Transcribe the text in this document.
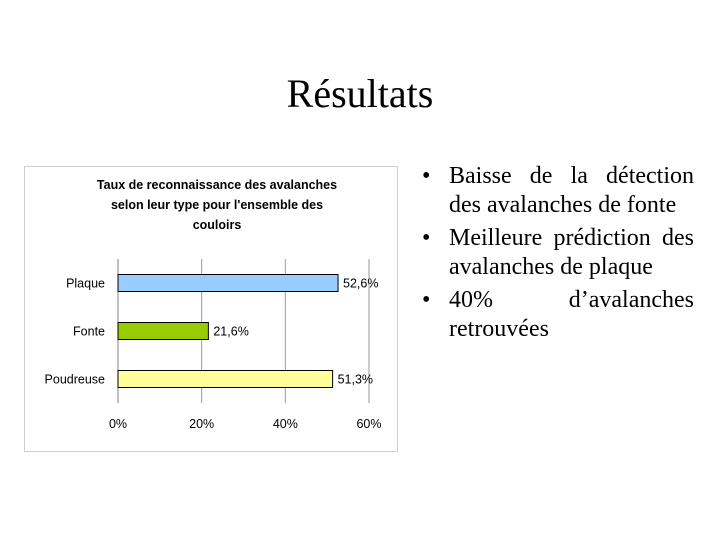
Résultats
Taux de reconnaissance des avalanches
selon leur type pour l'ensemble des
couloirs
0%	20%	40%	60%
Plaque	52,6%
Fonte	21,6%
Poudreuse	51,3%
• Baisse de la détection des avalanches de fonte
• Meilleure prédiction des avalanches de plaque
• 40% d’avalanches retrouvées
